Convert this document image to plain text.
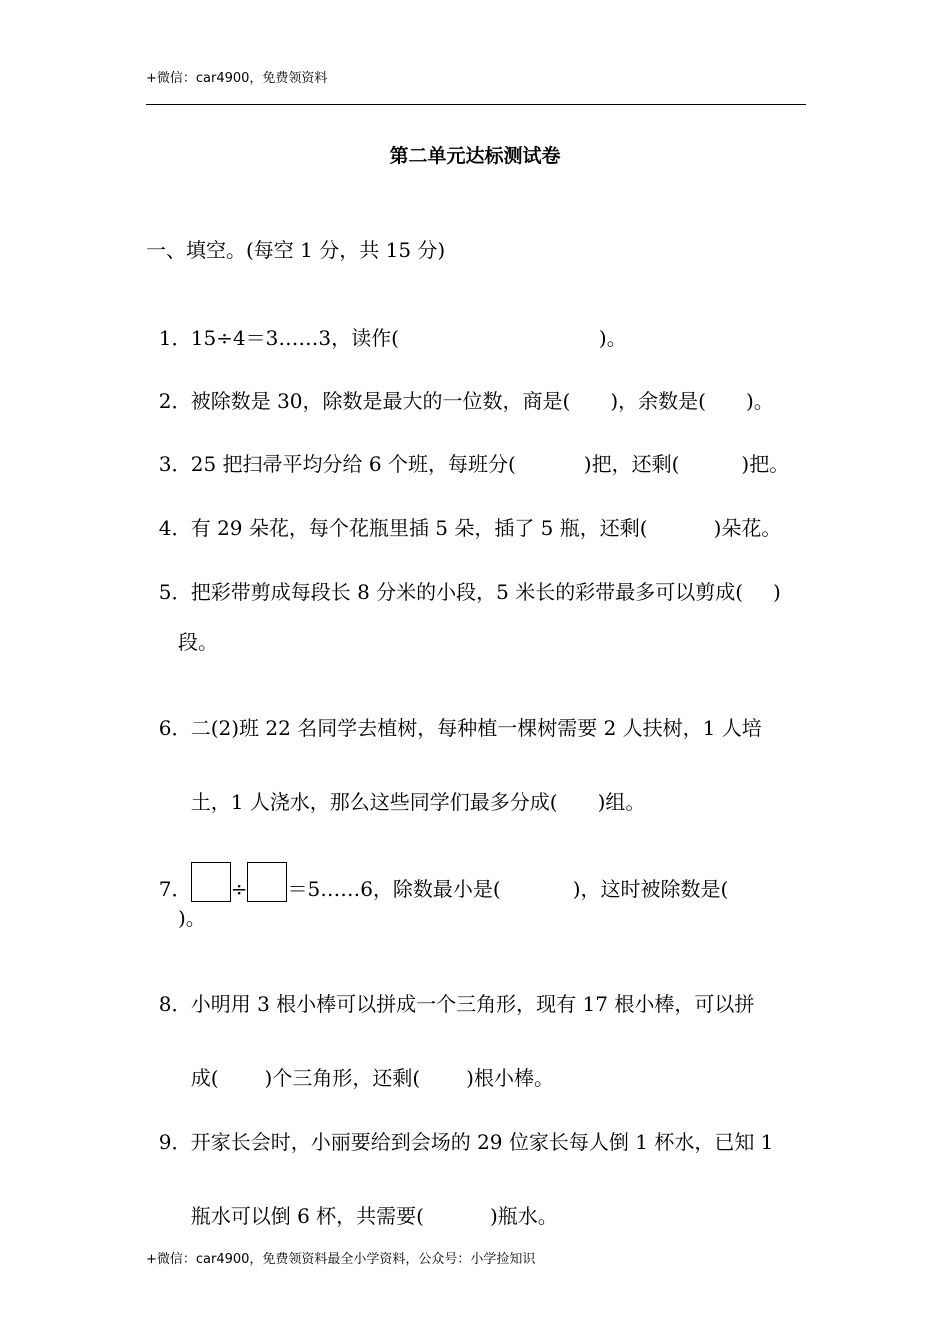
+微信：car4900，免费领资料
第二单元达标测试卷
一、填空。(每空 1 分，共 15 分)

1．15÷4＝3……3，读作(	)。

2．被除数是 30，除数是最大的一位数，商是( )，余数是( )。

3．25 把扫帚平均分给 6 个班，每班分(	)把，还剩(	)把。

4．有 29 朵花，每个花瓶里插 5 朵，插了 5 瓶，还剩(	)朵花。

5．把彩带剪成每段长 8 分米的小段，5 米长的彩带最多可以剪成( )

段。

6．二(2)班 22 名同学去植树，每种植一棵树需要 2 人扶树，1 人培

土，1 人浇水，那么这些同学们最多分成( )组。

7． ÷ ＝5……6，除数最小是(	)，这时被除数是(

)。

8．小明用 3 根小棒可以拼成一个三角形，现有 17 根小棒，可以拼

成( )个三角形，还剩( )根小棒。

9．开家长会时，小丽要给到会场的 29 位家长每人倒 1 杯水，已知 1

瓶水可以倒 6 杯，共需要(	)瓶水。

+微信：car4900，免费领资料最全小学资料，公众号：小学捡知识
